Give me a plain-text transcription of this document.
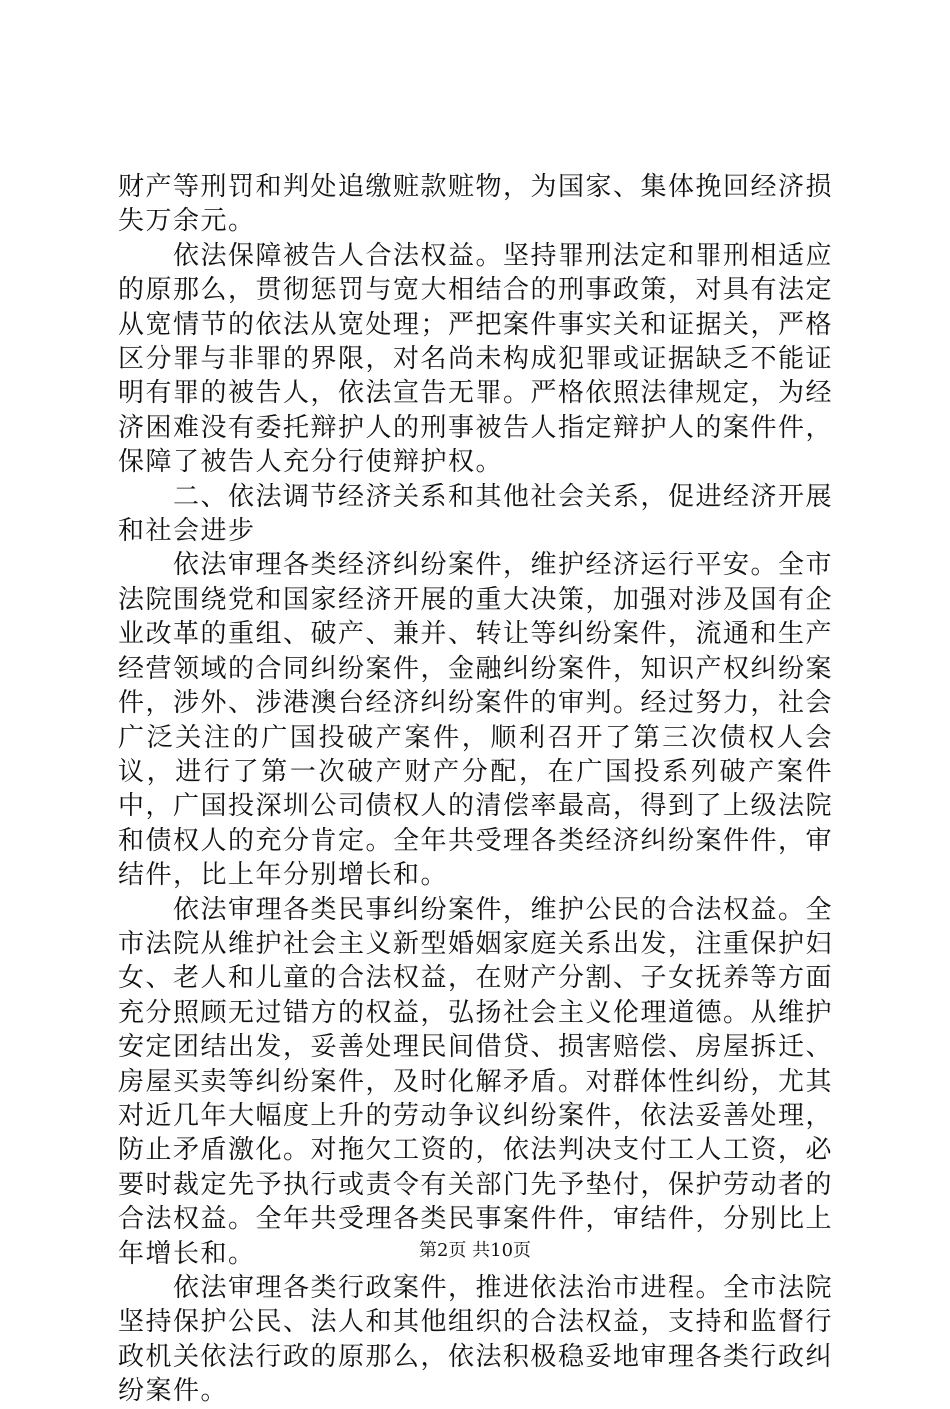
财产等刑罚和判处追缴赃款赃物，为国家、集体挽回经济损失万余元。

依法保障被告人合法权益。坚持罪刑法定和罪刑相适应的原那么，贯彻惩罚与宽大相结合的刑事政策，对具有法定从宽情节的依法从宽处理；严把案件事实关和证据关，严格区分罪与非罪的界限，对名尚未构成犯罪或证据缺乏不能证明有罪的被告人，依法宣告无罪。严格依照法律规定，为经济困难没有委托辩护人的刑事被告人指定辩护人的案件件，保障了被告人充分行使辩护权。

二、依法调节经济关系和其他社会关系，促进经济开展和社会进步

依法审理各类经济纠纷案件，维护经济运行平安。全市法院围绕党和国家经济开展的重大决策，加强对涉及国有企业改革的重组、破产、兼并、转让等纠纷案件，流通和生产经营领域的合同纠纷案件，金融纠纷案件，知识产权纠纷案件，涉外、涉港澳台经济纠纷案件的审判。经过努力，社会广泛关注的广国投破产案件，顺利召开了第三次债权人会议，进行了第一次破产财产分配，在广国投系列破产案件中，广国投深圳公司债权人的清偿率最高，得到了上级法院和债权人的充分肯定。全年共受理各类经济纠纷案件件，审结件，比上年分别增长和。

依法审理各类民事纠纷案件，维护公民的合法权益。全市法院从维护社会主义新型婚姻家庭关系出发，注重保护妇女、老人和儿童的合法权益，在财产分割、子女抚养等方面充分照顾无过错方的权益，弘扬社会主义伦理道德。从维护安定团结出发，妥善处理民间借贷、损害赔偿、房屋拆迁、房屋买卖等纠纷案件，及时化解矛盾。对群体性纠纷，尤其对近几年大幅度上升的劳动争议纠纷案件，依法妥善处理，防止矛盾激化。对拖欠工资的，依法判决支付工人工资，必要时裁定先予执行或责令有关部门先予垫付，保护劳动者的合法权益。全年共受理各类民事案件件，审结件，分别比上年增长和。

依法审理各类行政案件，推进依法治市进程。全市法院坚持保护公民、法人和其他组织的合法权益，支持和监督行政机关依法行政的原那么，依法积极稳妥地审理各类行政纠纷案件。

第2页 共10页
